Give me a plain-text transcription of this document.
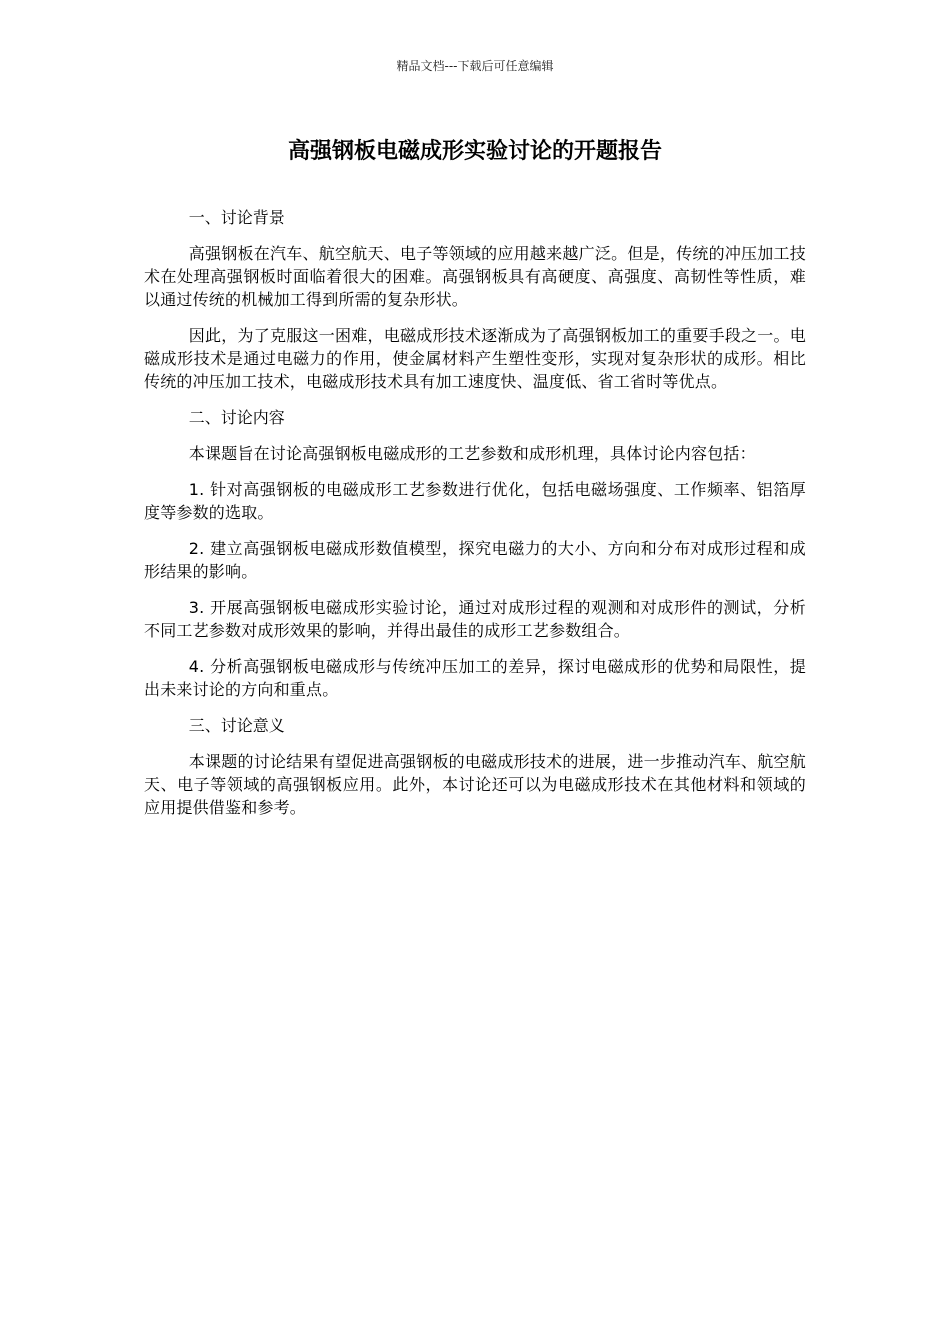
精品文档---下载后可任意编辑
高强钢板电磁成形实验讨论的开题报告

一、讨论背景

高强钢板在汽车、航空航天、电子等领域的应用越来越广泛。但是，传统的冲压加工技术在处理高强钢板时面临着很大的困难。高强钢板具有高硬度、高强度、高韧性等性质，难以通过传统的机械加工得到所需的复杂形状。

因此，为了克服这一困难，电磁成形技术逐渐成为了高强钢板加工的重要手段之一。电磁成形技术是通过电磁力的作用，使金属材料产生塑性变形，实现对复杂形状的成形。相比传统的冲压加工技术，电磁成形技术具有加工速度快、温度低、省工省时等优点。

二、讨论内容

本课题旨在讨论高强钢板电磁成形的工艺参数和成形机理，具体讨论内容包括：

1. 针对高强钢板的电磁成形工艺参数进行优化，包括电磁场强度、工作频率、铝箔厚度等参数的选取。

2. 建立高强钢板电磁成形数值模型，探究电磁力的大小、方向和分布对成形过程和成形结果的影响。

3. 开展高强钢板电磁成形实验讨论，通过对成形过程的观测和对成形件的测试，分析不同工艺参数对成形效果的影响，并得出最佳的成形工艺参数组合。

4. 分析高强钢板电磁成形与传统冲压加工的差异，探讨电磁成形的优势和局限性，提出未来讨论的方向和重点。

三、讨论意义

本课题的讨论结果有望促进高强钢板的电磁成形技术的进展，进一步推动汽车、航空航天、电子等领域的高强钢板应用。此外，本讨论还可以为电磁成形技术在其他材料和领域的应用提供借鉴和参考。
